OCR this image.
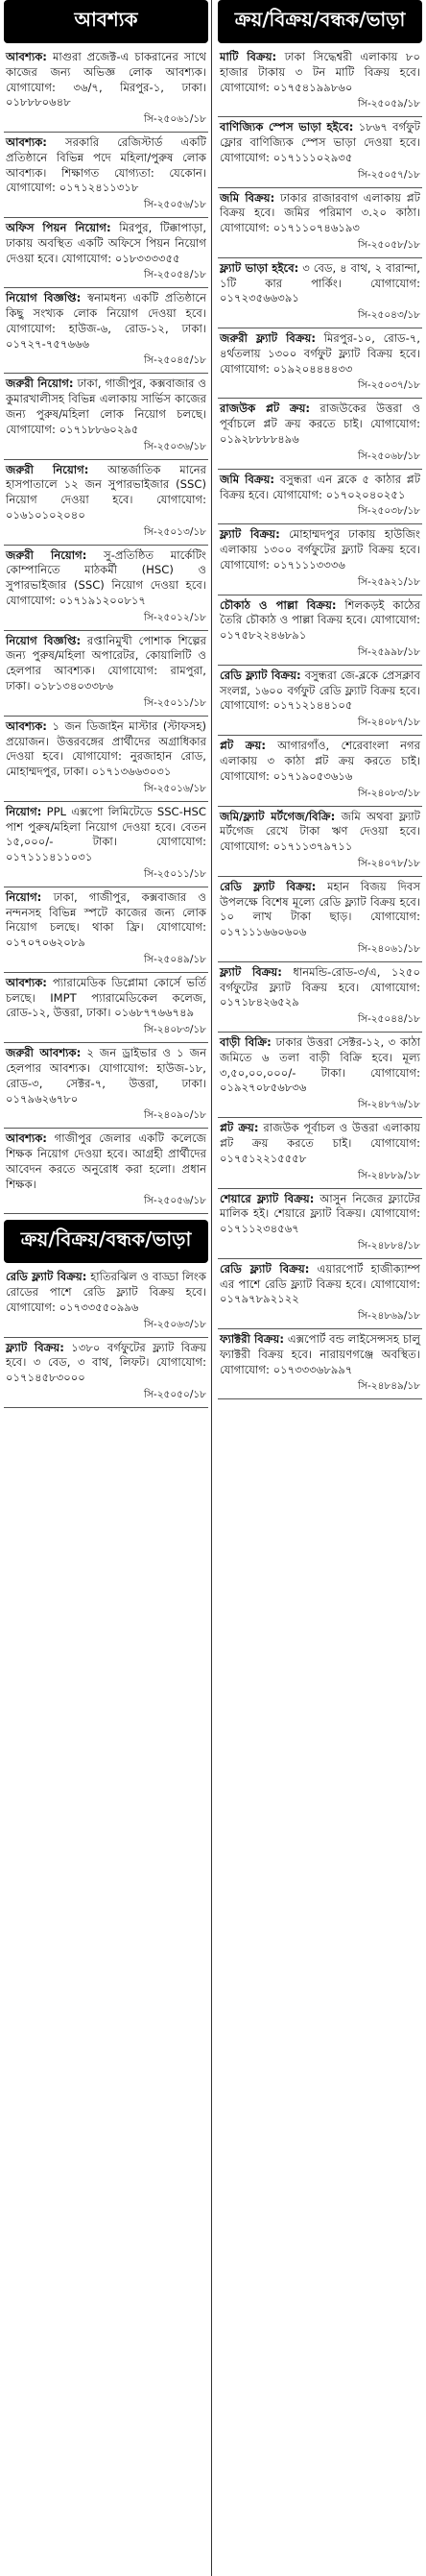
আবশ্যক
আবশ্যক: মাগুরা প্রজেক্ট-এ চাকরানের সাথে কাজের জন্য অভিজ্ঞ লোক আবশ্যক। যোগাযোগ: ৩৬/৭, মিরপুর-১, ঢাকা। ০১৮৮৮০৬৪৮
সি-২৫০৬১/১৮
আবশ্যক: সরকারি রেজিস্টার্ড একটি প্রতিষ্ঠানে বিভিন্ন পদে মহিলা/পুরুষ লোক আবশ্যক। শিক্ষাগত যোগ্যতা: যেকোন। যোগাযোগ: ০১৭১২৪১১৩১৮
সি-২৫০৫৬/১৮
অফিস পিয়ন নিয়োগ: মিরপুর, টিক্কাপাড়া, ঢাকায় অবস্থিত একটি অফিসে পিয়ন নিয়োগ দেওয়া হবে। যোগাযোগ: ০১৮৩৩৩৩৫৫
সি-২৫০৫৪/১৮
নিয়োগ বিজ্ঞপ্তি: স্বনামধন্য একটি প্রতিষ্ঠানে কিছু সংখ্যক লোক নিয়োগ দেওয়া হবে। যোগাযোগ: হাউজ-৬, রোড-১২, ঢাকা। ০১৭২৭-৭৫৭৬৬৬
সি-২৫০৪৫/১৮
জরুরী নিয়োগ: ঢাকা, গাজীপুর, কক্সবাজার ও কুমারখালীসহ বিভিন্ন এলাকায় সার্ভিস কাজের জন্য পুরুষ/মহিলা লোক নিয়োগ চলছে। যোগাযোগ: ০১৭১৮৮৬০২৯৫
সি-২৫০৩৬/১৮
জরুরী নিয়োগ: আন্তর্জাতিক মানের হাসপাতালে ১২ জন সুপারভাইজার (SSC) নিয়োগ দেওয়া হবে। যোগাযোগ: ০১৬১০১০২০৪০
সি-২৫০১৩/১৮
জরুরী নিয়োগ: সু-প্রতিষ্ঠিত মার্কেটিং কোম্পানিতে মাঠকর্মী (HSC) ও সুপারভাইজার (SSC) নিয়োগ দেওয়া হবে। যোগাযোগ: ০১৭১৯১২০০৮১৭
সি-২৫০১২/১৮
নিয়োগ বিজ্ঞপ্তি: রপ্তানিমুখী পোশাক শিল্পের জন্য পুরুষ/মহিলা অপারেটর, কোয়ালিটি ও হেলপার আবশ্যক। যোগাযোগ: রামপুরা, ঢাকা। ০১৮১৩৪০৩৩৮৬
সি-২৫০১১/১৮
আবশ্যক: ১ জন ডিজাইন মাস্টার (স্টাফসহ) প্রয়োজন। উত্তরবঙ্গের প্রার্থীদের অগ্রাধিকার দেওয়া হবে। যোগাযোগ: নুরজাহান রোড, মোহাম্মদপুর, ঢাকা। ০১৭১৩৬৬৩০৩১
সি-২৫০১৬/১৮
নিয়োগ: PPL এক্সপো লিমিটেডে SSC-HSC পাশ পুরুষ/মহিলা নিয়োগ দেওয়া হবে। বেতন ১৫,০০০/- টাকা। যোগাযোগ: ০১৭১১১৪১১০৩১
সি-২৫০১১/১৮
নিয়োগ: ঢাকা, গাজীপুর, কক্সবাজার ও নন্দনসহ বিভিন্ন স্পটে কাজের জন্য লোক নিয়োগ চলছে। থাকা ফ্রি। যোগাযোগ: ০১৭০৭০৬২০৮৯
সি-২৫০৪৯/১৮
আবশ্যক: প্যারামেডিক ডিপ্লোমা কোর্সে ভর্তি চলছে। IMPT প্যারামেডিকেল কলেজ, রোড-১২, উত্তরা, ঢাকা। ০১৬৮৭৭৬৬৭৪৯
সি-২৪০৮৩/১৮
জরুরী আবশ্যক: ২ জন ড্রাইভার ও ১ জন হেলপার আবশ্যক। যোগাযোগ: হাউজ-১৮, রোড-৩, সেক্টর-৭, উত্তরা, ঢাকা। ০১৭৯৬২৬৭৮০
সি-২৪০৯০/১৮
আবশ্যক: গাজীপুর জেলার একটি কলেজে শিক্ষক নিয়োগ দেওয়া হবে। আগ্রহী প্রার্থীদের আবেদন করতে অনুরোধ করা হলো। প্রধান শিক্ষক।
সি-২৫০৫৬/১৮
ক্রয়/বিক্রয়/বন্ধক/ভাড়া
রেডি ফ্ল্যাট বিক্রয়: হাতিরঝিল ও বাড্ডা লিংক রোডের পাশে রেডি ফ্ল্যাট বিক্রয় হবে। যোগাযোগ: ০১৭৩৩৫৫০৯৯৬
সি-২৫০৬৩/১৮
ফ্ল্যাট বিক্রয়: ১৩৮০ বর্গফুটের ফ্ল্যাট বিক্রয় হবে। ৩ বেড, ৩ বাথ, লিফট। যোগাযোগ: ০১৭১৪৫৮৩০০০
সি-২৫০৫০/১৮
ক্রয়/বিক্রয়/বন্ধক/ভাড়া
মাটি বিক্রয়: ঢাকা সিদ্ধেশ্বরী এলাকায় ৮০ হাজার টাকায় ৩ টন মাটি বিক্রয় হবে। যোগাযোগ: ০১৭৫৪১৯৯৮৬০
সি-২৫০৫৯/১৮
বাণিজ্যিক স্পেস ভাড়া হইবে: ১৮৬৭ বর্গফুট ফ্লোর বাণিজ্যিক স্পেস ভাড়া দেওয়া হবে। যোগাযোগ: ০১৭১১১০২৯৩৫
সি-২৫০৫৭/১৮
জমি বিক্রয়: ঢাকার রাজারবাগ এলাকায় প্লট বিক্রয় হবে। জমির পরিমাণ ৩.২০ কাঠা। যোগাযোগ: ০১৭১১০৭৪৬১৯৩
সি-২৫০৫৮/১৮
ফ্ল্যাট ভাড়া হইবে: ৩ বেড, ৪ বাথ, ২ বারান্দা, ১টি কার পার্কিং। যোগাযোগ: ০১৭২৩৫৬৬৩৯১
সি-২৫০৪৩/১৮
জরুরী ফ্ল্যাট বিক্রয়: মিরপুর-১০, রোড-৭, ৪র্থতলায় ১৩০০ বর্গফুট ফ্ল্যাট বিক্রয় হবে। যোগাযোগ: ০১৯২০৪৪৪৪৩৩
সি-২৫০৩৭/১৮
রাজউক প্লট ক্রয়: রাজউকের উত্তরা ও পূর্বাচলে প্লট ক্রয় করতে চাই। যোগাযোগ: ০১৯২৮৮৮৮৪৯৬
সি-২৫০৬৮/১৮
জমি বিক্রয়: বসুন্ধরা এন ব্লকে ৫ কাঠার প্লট বিক্রয় হবে। যোগাযোগ: ০১৭০২০৪০২৫১
সি-২৫০৩৮/১৮
ফ্ল্যাট বিক্রয়: মোহাম্মদপুর ঢাকায় হাউজিং এলাকায় ১৩০০ বর্গফুটের ফ্ল্যাট বিক্রয় হবে। যোগাযোগ: ০১৭১১১৩৩৩৬
সি-২৫৯২১/১৮
চৌকাঠ ও পাল্লা বিক্রয়: শিলকড়ই কাঠের তৈরি চৌকাঠ ও পাল্লা বিক্রয় হবে। যোগাযোগ: ০১৭৫৮২২৪৬৮৯১
সি-২৫৯৯৮/১৮
রেডি ফ্ল্যাট বিক্রয়: বসুন্ধরা জে-ব্লকে প্রেসক্লাব সংলগ্ন, ১৬০০ বর্গফুট রেডি ফ্ল্যাট বিক্রয় হবে। যোগাযোগ: ০১৭১২১৪৪১০৫
সি-২৪০৮৭/১৮
প্লট ক্রয়: আগারগাঁও, শেরেবাংলা নগর এলাকায় ৩ কাঠা প্লট ক্রয় করতে চাই। যোগাযোগ: ০১৭১৯০৫৩৬১৬
সি-২৪০৮৩/১৮
জমি/ফ্ল্যাট মর্টগেজ/বিক্রি: জমি অথবা ফ্ল্যাট মর্টগেজ রেখে টাকা ঋণ দেওয়া হবে। যোগাযোগ: ০১৭১১৩৭৯৭১১
সি-২৪০৭৮/১৮
রেডি ফ্ল্যাট বিক্রয়: মহান বিজয় দিবস উপলক্ষে বিশেষ মূল্যে রেডি ফ্ল্যাট বিক্রয় হবে। ১০ লাখ টাকা ছাড়। যোগাযোগ: ০১৭১১১৬৬০৬০৬
সি-২৪০৬১/১৮
ফ্ল্যাট বিক্রয়: ধানমন্ডি-রোড-৩/এ, ১২৫০ বর্গফুটের ফ্ল্যাট বিক্রয় হবে। যোগাযোগ: ০১৭১৮৪২৬৫২৯
সি-২৫০৪৪/১৮
বাড়ী বিক্রি: ঢাকার উত্তরা সেক্টর-১২, ৩ কাঠা জমিতে ৬ তলা বাড়ী বিক্রি হবে। মূল্য ৩,৫০,০০,০০০/- টাকা। যোগাযোগ: ০১৯২৭০৮৫৬৮৩৬
সি-২৪৮৭৬/১৮
প্লট ক্রয়: রাজউক পূর্বাচল ও উত্তরা এলাকায় প্লট ক্রয় করতে চাই। যোগাযোগ: ০১৭৫১২২১৫৫৫৮
সি-২৪৮৮৯/১৮
শেয়ারে ফ্ল্যাট বিক্রয়: আসুন নিজের ফ্ল্যাটের মালিক হই। শেয়ারে ফ্ল্যাট বিক্রয়। যোগাযোগ: ০১৭১১২৩৪৫৬৭
সি-২৪৮৮৪/১৮
রেডি ফ্ল্যাট বিক্রয়: এয়ারপোর্ট হাজীক্যাম্প এর পাশে রেডি ফ্ল্যাট বিক্রয় হবে। যোগাযোগ: ০১৭৯৭৮৯২১২২
সি-২৪৮৬৯/১৮
ফ্যাক্টরী বিক্রয়: এক্সপোর্ট বন্ড লাইসেন্সসহ চালু ফ্যাক্টরী বিক্রয় হবে। নারায়ণগঞ্জে অবস্থিত। যোগাযোগ: ০১৭৩৩৩৬৮৯৯৭
সি-২৪৮৪৯/১৮
